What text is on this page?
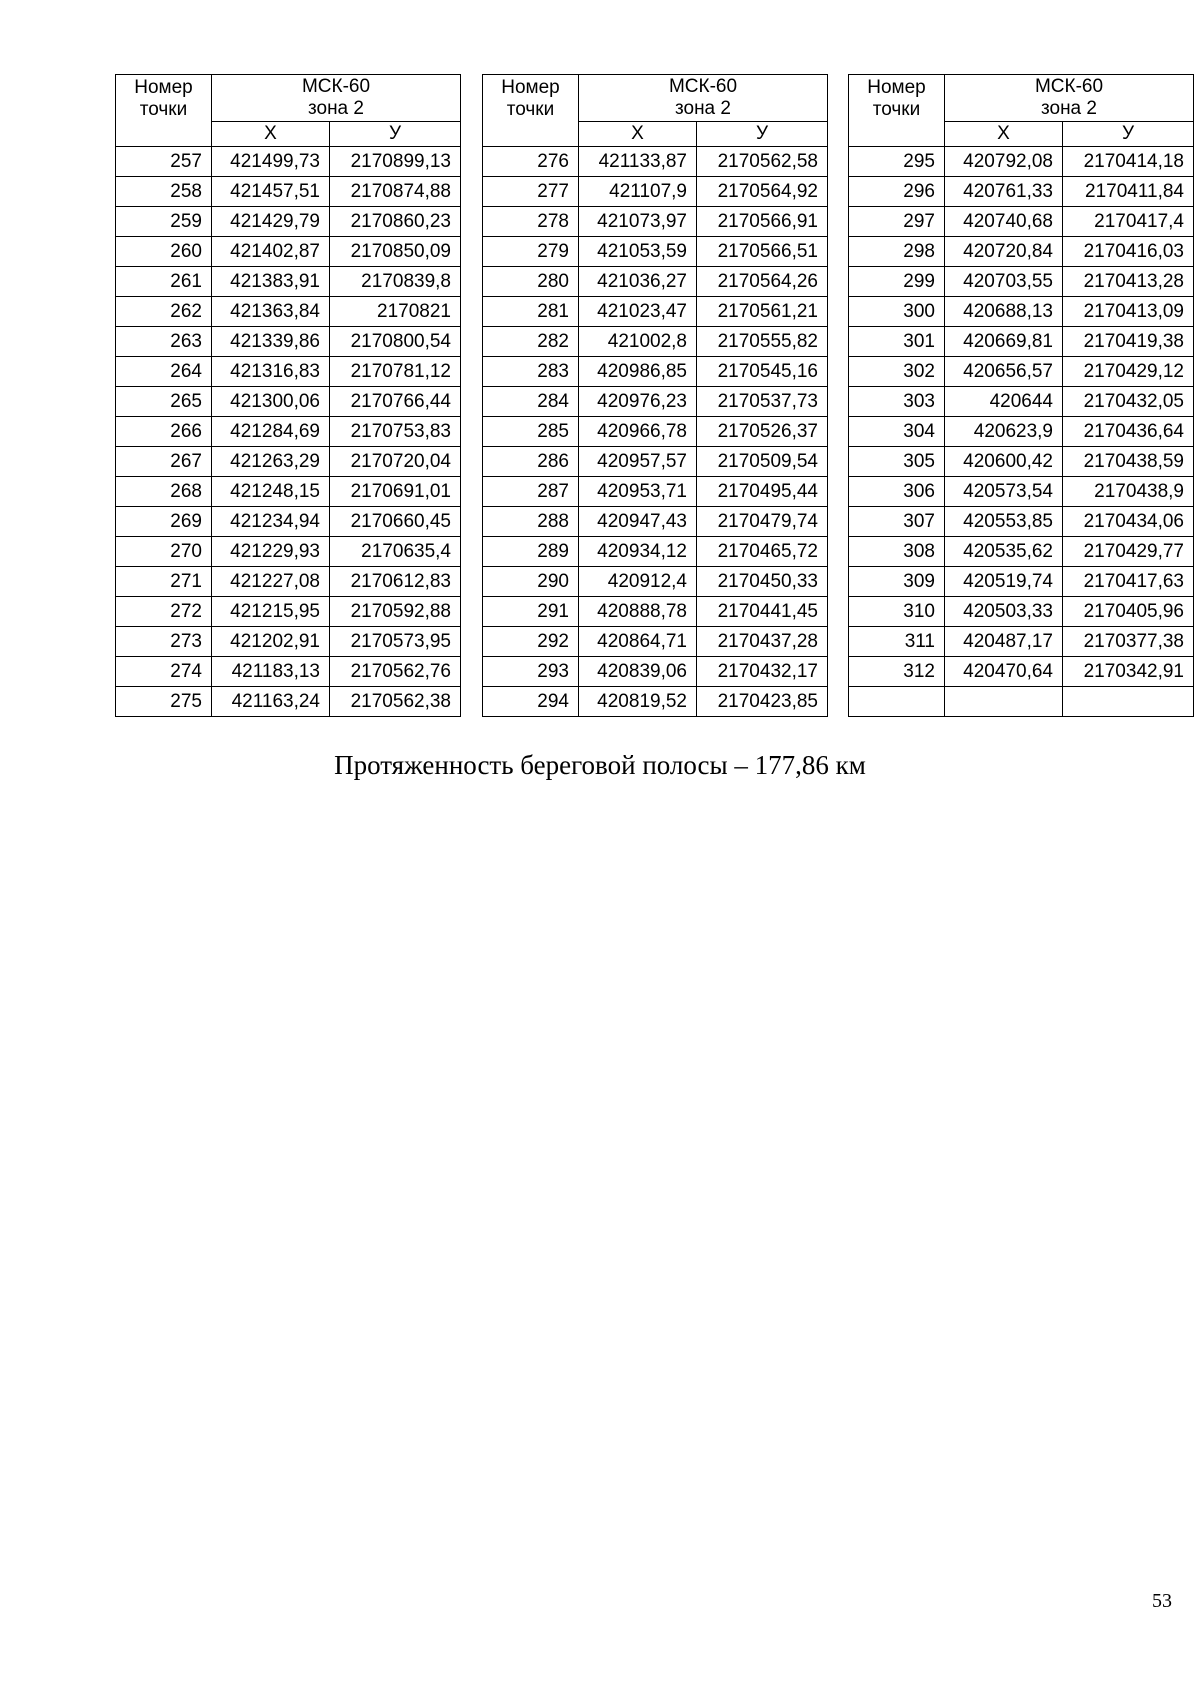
Номер точки	МСК-60
зона 2	

	X	У
257	421499,73	2170899,13
258	421457,51	2170874,88
259	421429,79	2170860,23
260	421402,87	2170850,09
261	421383,91	2170839,8
262	421363,84	2170821
263	421339,86	2170800,54
264	421316,83	2170781,12
265	421300,06	2170766,44
266	421284,69	2170753,83
267	421263,29	2170720,04
268	421248,15	2170691,01
269	421234,94	2170660,45
270	421229,93	2170635,4
271	421227,08	2170612,83
272	421215,95	2170592,88
273	421202,91	2170573,95
274	421183,13	2170562,76
275	421163,24	2170562,38
Номер точки	МСК-60
зона 2	

	X	У
276	421133,87	2170562,58
277	421107,9	2170564,92
278	421073,97	2170566,91
279	421053,59	2170566,51
280	421036,27	2170564,26
281	421023,47	2170561,21
282	421002,8	2170555,82
283	420986,85	2170545,16
284	420976,23	2170537,73
285	420966,78	2170526,37
286	420957,57	2170509,54
287	420953,71	2170495,44
288	420947,43	2170479,74
289	420934,12	2170465,72
290	420912,4	2170450,33
291	420888,78	2170441,45
292	420864,71	2170437,28
293	420839,06	2170432,17
294	420819,52	2170423,85
Номер точки	МСК-60
зона 2	

	X	У
295	420792,08	2170414,18
296	420761,33	2170411,84
297	420740,68	2170417,4
298	420720,84	2170416,03
299	420703,55	2170413,28
300	420688,13	2170413,09
301	420669,81	2170419,38
302	420656,57	2170429,12
303	420644	2170432,05
304	420623,9	2170436,64
305	420600,42	2170438,59
306	420573,54	2170438,9
307	420553,85	2170434,06
308	420535,62	2170429,77
309	420519,74	2170417,63
310	420503,33	2170405,96
311	420487,17	2170377,38
312	420470,64	2170342,91

Протяженность береговой полосы – 177,86 км
53
